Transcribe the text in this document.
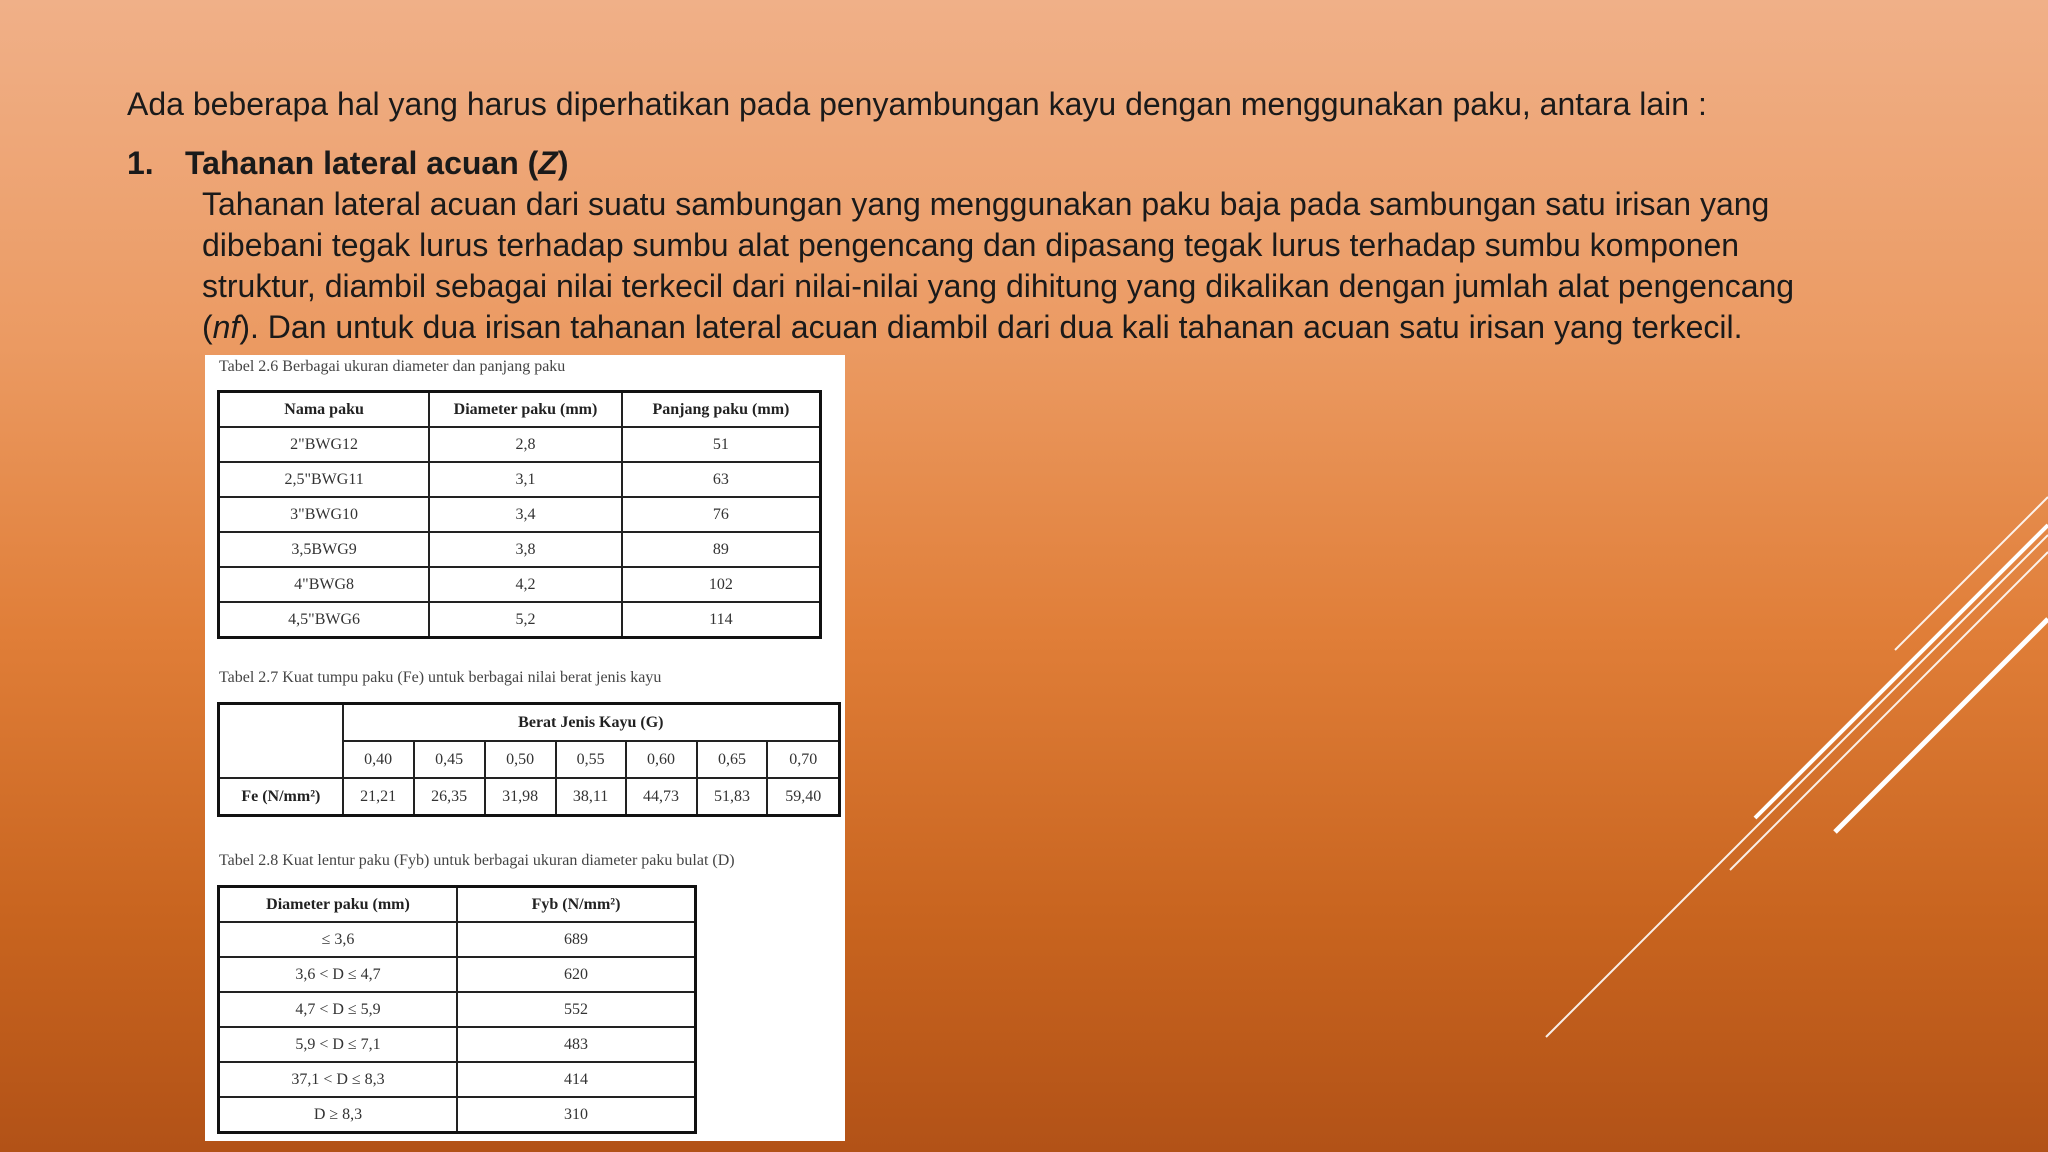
Ada beberapa hal yang harus diperhatikan pada penyambungan kayu dengan menggunakan paku, antara lain :

1. Tahanan lateral acuan (Z)

Tahanan lateral acuan dari suatu sambungan yang menggunakan paku baja pada sambungan satu irisan yang
dibebani tegak lurus terhadap sumbu alat pengencang dan dipasang tegak lurus terhadap sumbu komponen
struktur, diambil sebagai nilai terkecil dari nilai-nilai yang dihitung yang dikalikan dengan jumlah alat pengencang
(nf). Dan untuk dua irisan tahanan lateral acuan diambil dari dua kali tahanan acuan satu irisan yang terkecil.

Tabel 2.6 Berbagai ukuran diameter dan panjang paku
Nama paku	Diameter paku (mm)	Panjang paku (mm)
2"BWG12	2,8	51
2,5"BWG11	3,1	63
3"BWG10	3,4	76
3,5BWG9	3,8	89
4"BWG8	4,2	102
4,5"BWG6	5,2	114
Tabel 2.7 Kuat tumpu paku (Fe) untuk berbagai nilai berat jenis kayu
	Berat Jenis Kayu (G)						
	0,40	0,45	0,50	0,55	0,60	0,65	0,70
Fe (N/mm²)	21,21	26,35	31,98	38,11	44,73	51,83	59,40
Tabel 2.8 Kuat lentur paku (Fyb) untuk berbagai ukuran diameter paku bulat (D)
Diameter paku (mm)	Fyb (N/mm²)
≤ 3,6	689
3,6 < D ≤ 4,7	620
4,7 < D ≤ 5,9	552
5,9 < D ≤ 7,1	483
37,1 < D ≤ 8,3	414
D ≥ 8,3	310
